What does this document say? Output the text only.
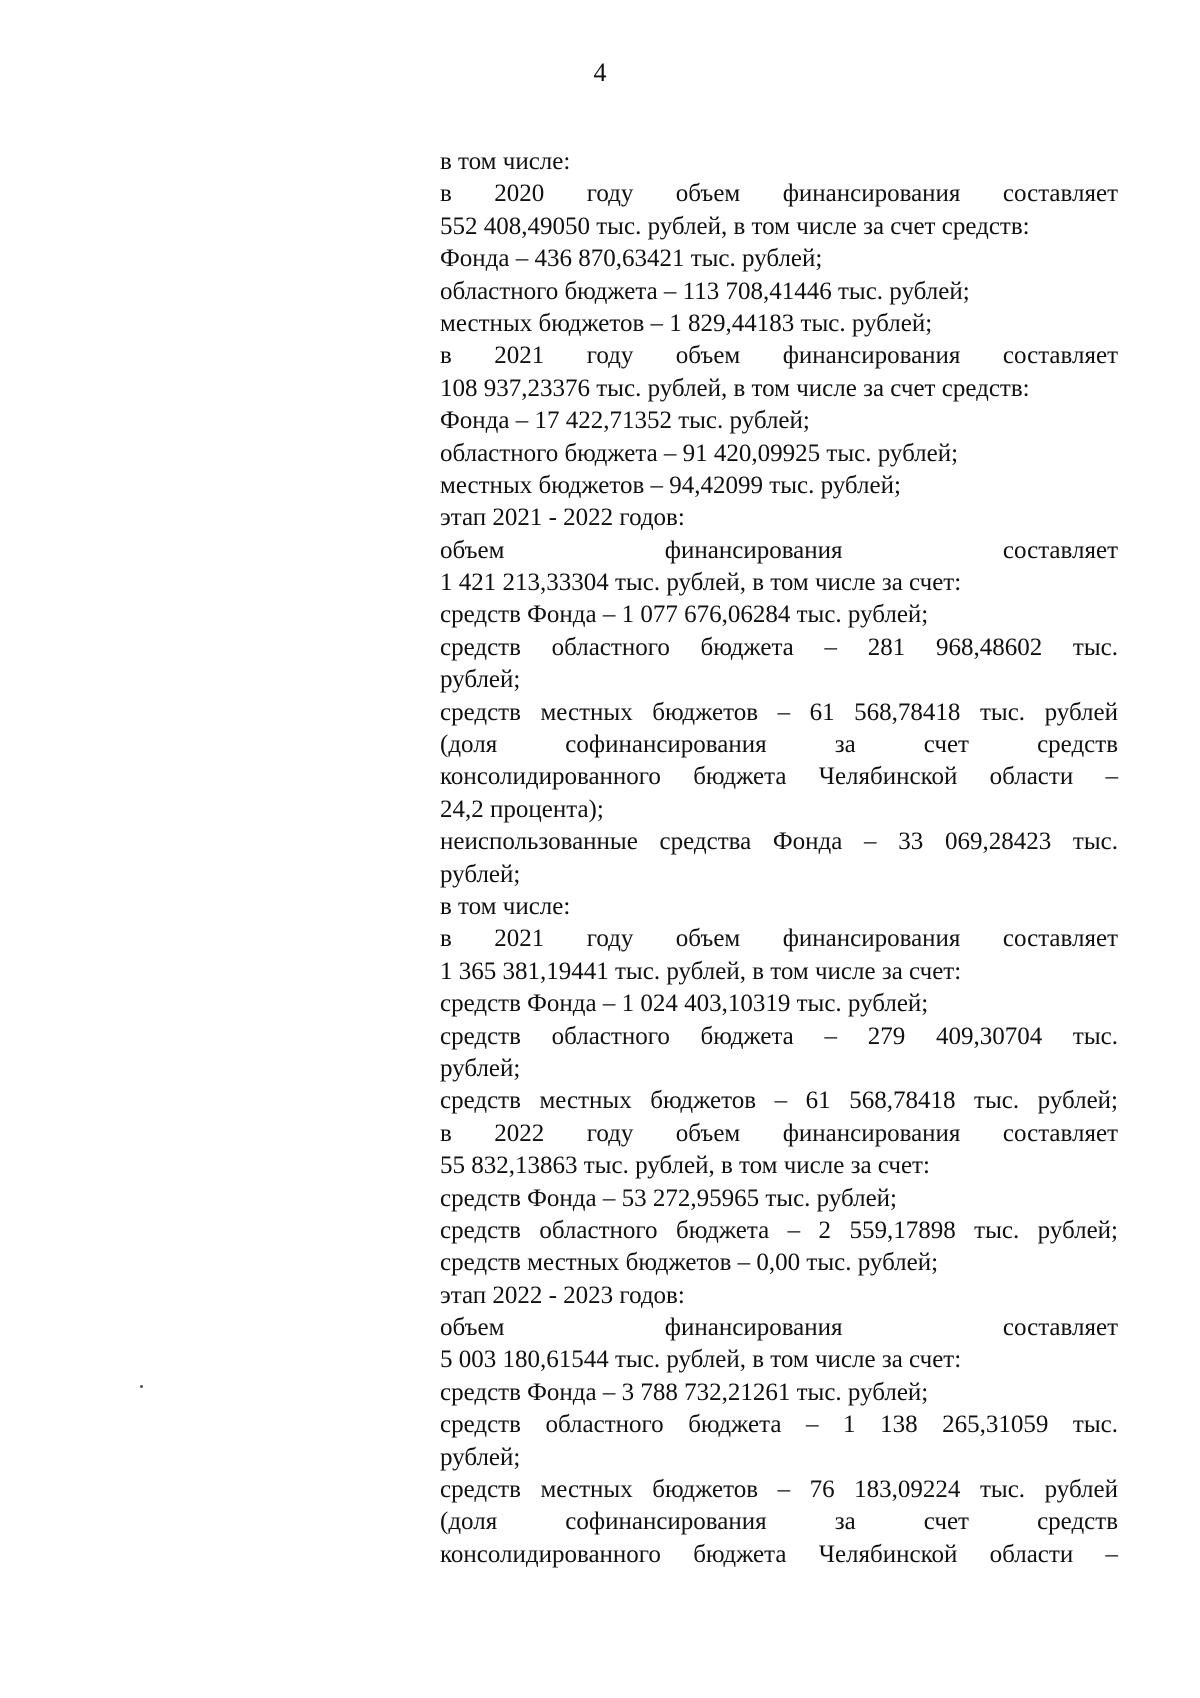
4
в том числе:
в 2020 году объем финансирования составляет
552 408,49050 тыс. рублей, в том числе за счет средств:
Фонда – 436 870,63421 тыс. рублей;
областного бюджета – 113 708,41446 тыс. рублей;
местных бюджетов – 1 829,44183 тыс. рублей;
в 2021 году объем финансирования составляет
108 937,23376 тыс. рублей, в том числе за счет средств:
Фонда – 17 422,71352 тыс. рублей;
областного бюджета – 91 420,09925 тыс. рублей;
местных бюджетов – 94,42099 тыс. рублей;
этап 2021 - 2022 годов:
объем финансирования составляет
1 421 213,33304 тыс. рублей, в том числе за счет:
средств Фонда – 1 077 676,06284 тыс. рублей;
средств областного бюджета – 281 968,48602 тыс.
рублей;
средств местных бюджетов – 61 568,78418 тыс. рублей
(доля софинансирования за счет средств
консолидированного бюджета Челябинской области –
24,2 процента);
неиспользованные средства Фонда – 33 069,28423 тыс.
рублей;
в том числе:
в 2021 году объем финансирования составляет
1 365 381,19441 тыс. рублей, в том числе за счет:
средств Фонда – 1 024 403,10319 тыс. рублей;
средств областного бюджета – 279 409,30704 тыс.
рублей;
средств местных бюджетов – 61 568,78418 тыс. рублей;
в 2022 году объем финансирования составляет
55 832,13863 тыс. рублей, в том числе за счет:
средств Фонда – 53 272,95965 тыс. рублей;
средств областного бюджета – 2 559,17898 тыс. рублей;
средств местных бюджетов – 0,00 тыс. рублей;
этап 2022 - 2023 годов:
объем финансирования составляет
5 003 180,61544 тыс. рублей, в том числе за счет:
средств Фонда – 3 788 732,21261 тыс. рублей;
средств областного бюджета – 1 138 265,31059 тыс.
рублей;
средств местных бюджетов – 76 183,09224 тыс. рублей
(доля софинансирования за счет средств
консолидированного бюджета Челябинской области –
